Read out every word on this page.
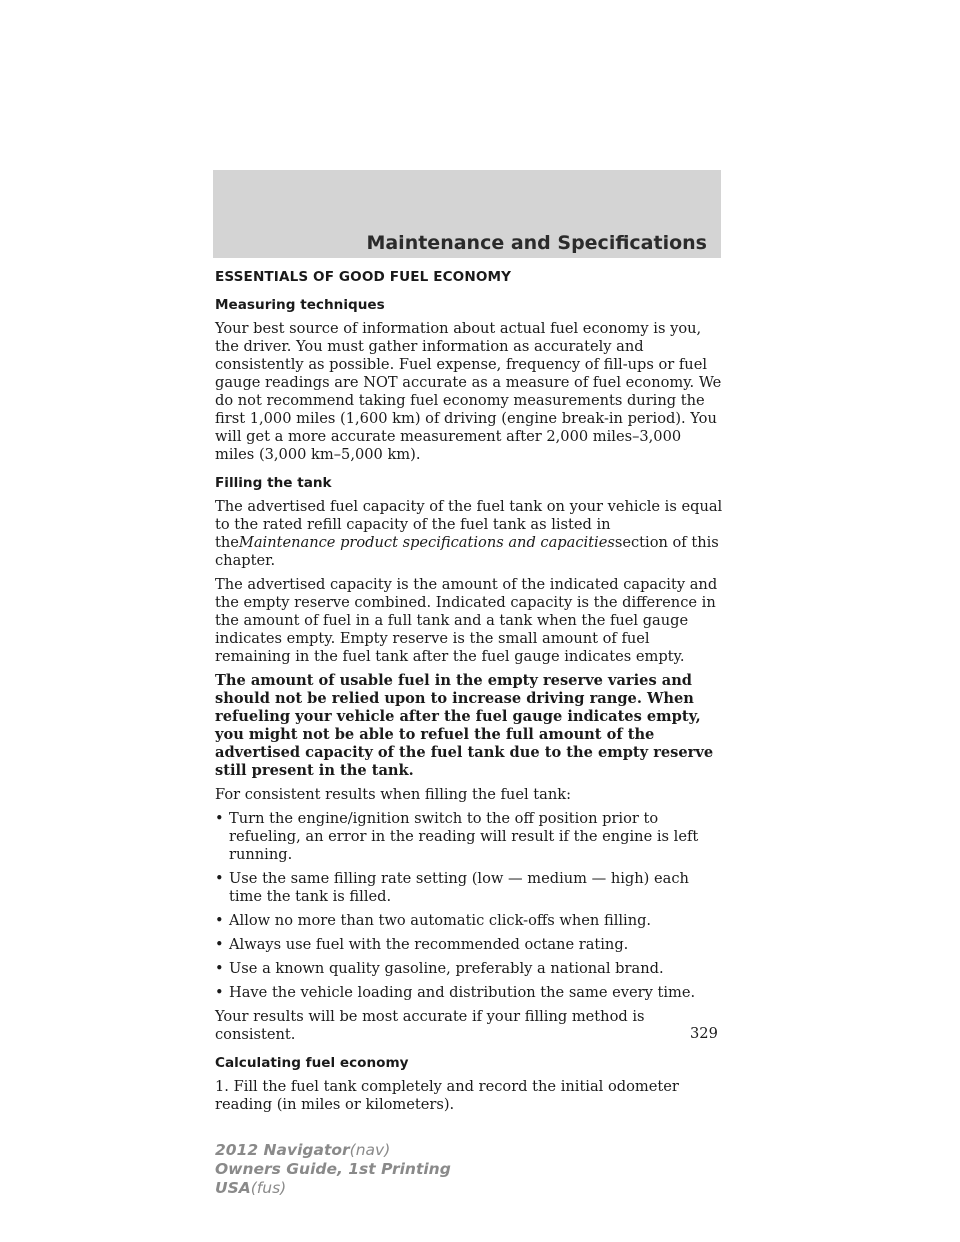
Maintenance and Specifications
ESSENTIALS OF GOOD FUEL ECONOMY
Measuring techniques

Your best source of information about actual fuel economy is you, the driver. You must gather information as accurately and consistently as possible. Fuel expense, frequency of fill-ups or fuel gauge readings are NOT accurate as a measure of fuel economy. We do not recommend taking fuel economy measurements during the first 1,000 miles (1,600 km) of driving (engine break-in period). You will get a more accurate measurement after 2,000 miles–3,000 miles (3,000 km–5,000 km).

Filling the tank

The advertised fuel capacity of the fuel tank on your vehicle is equal to the rated refill capacity of the fuel tank as listed in theMaintenance product specifications and capacitiessection of this chapter.

The advertised capacity is the amount of the indicated capacity and the empty reserve combined. Indicated capacity is the difference in the amount of fuel in a full tank and a tank when the fuel gauge indicates empty. Empty reserve is the small amount of fuel remaining in the fuel tank after the fuel gauge indicates empty.

The amount of usable fuel in the empty reserve varies and should not be relied upon to increase driving range. When refueling your vehicle after the fuel gauge indicates empty, you might not be able to refuel the full amount of the advertised capacity of the fuel tank due to the empty reserve still present in the tank.

For consistent results when filling the fuel tank:

• Turn the engine/ignition switch to the off position prior to refueling, an error in the reading will result if the engine is left running.
• Use the same filling rate setting (low — medium — high) each time the tank is filled.
• Allow no more than two automatic click-offs when filling.
• Always use fuel with the recommended octane rating.
• Use a known quality gasoline, preferably a national brand.
• Have the vehicle loading and distribution the same every time.

Your results will be most accurate if your filling method is consistent.

Calculating fuel economy

1. Fill the fuel tank completely and record the initial odometer reading (in miles or kilometers).

329
2012 Navigator(nav)
Owners Guide, 1st Printing
USA(fus)
